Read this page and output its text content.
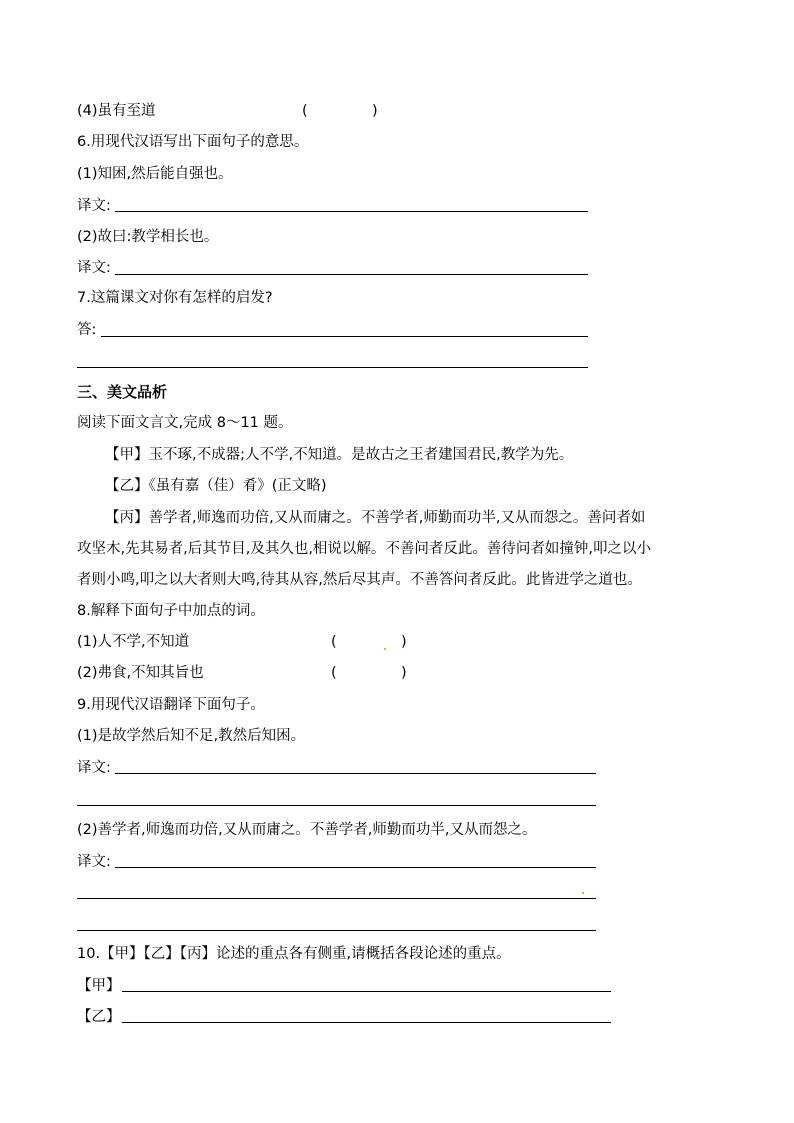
(4)虽有至道	(	)
6.用现代汉语写出下面句子的意思。
(1)知困,然后能自强也。
译文:
(2)故曰:教学相长也。
译文:
7.这篇课文对你有怎样的启发?
答:
三、美文品析
阅读下面文言文,完成 8～11 题。
【甲】玉不琢,不成器;人不学,不知道。是故古之王者建国君民,教学为先。
【乙】《虽有嘉（佳）肴》(正文略)
【丙】善学者,师逸而功倍,又从而庸之。不善学者,师勤而功半,又从而怨之。善问者如
攻坚木,先其易者,后其节目,及其久也,相说以解。不善问者反此。善待问者如撞钟,叩之以小
者则小鸣,叩之以大者则大鸣,待其从容,然后尽其声。不善答问者反此。此皆进学之道也。
8.解释下面句子中加点的词。
(1)人不学,不知道	(	)
(2)弗食,不知其旨也	(	)
9.用现代汉语翻译下面句子。
(1)是故学然后知不足,教然后知困。
译文:
(2)善学者,师逸而功倍,又从而庸之。不善学者,师勤而功半,又从而怨之。
译文:
10.【甲】【乙】【丙】论述的重点各有侧重,请概括各段论述的重点。
【甲】
【乙】
